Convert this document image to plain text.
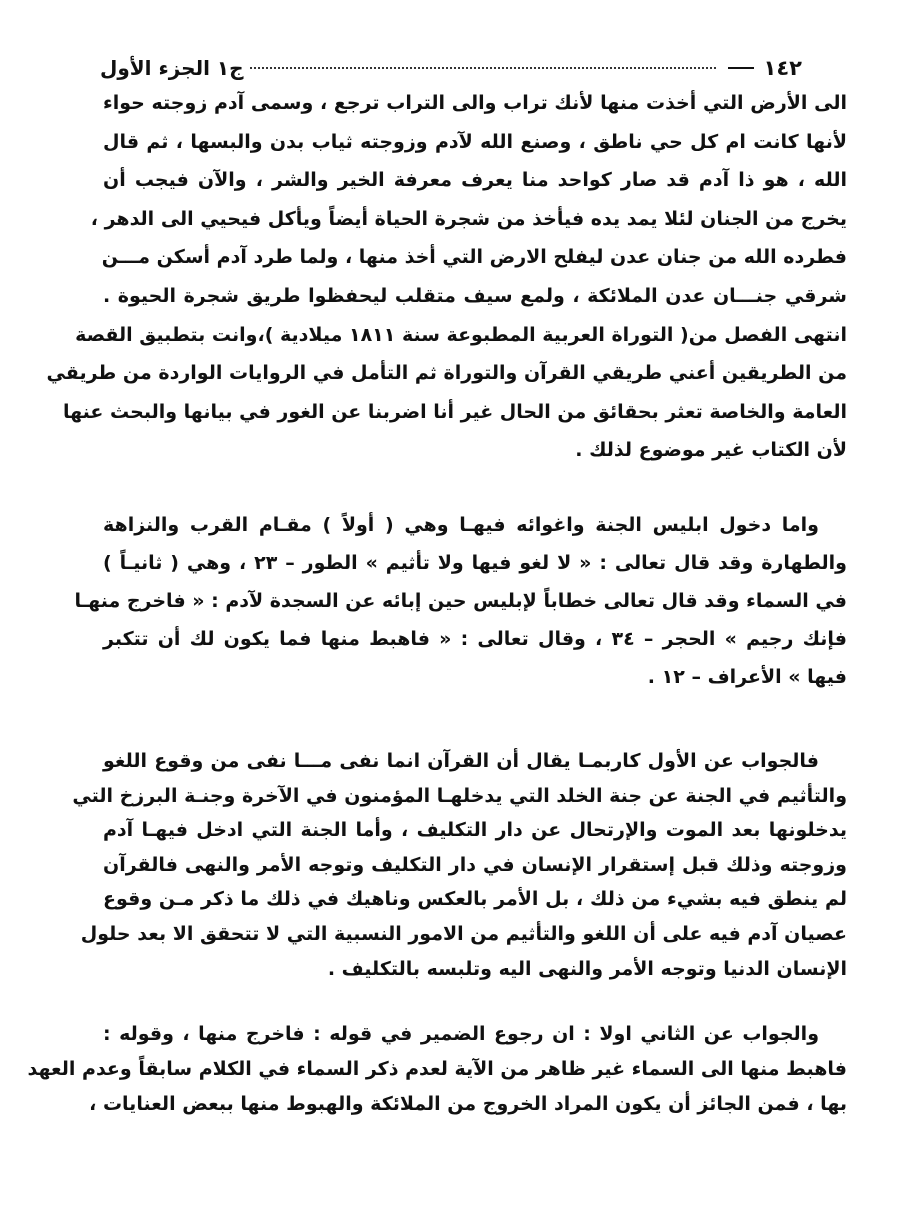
١٤٢
ج١ الجزء الأول
الى الأرض التي أخذت منها لأنك تراب والى التراب ترجع ، وسمى آدم زوجته حواء
لأنها كانت ام كل حي ناطق ، وصنع الله لآدم وزوجته ثياب بدن والبسها ، ثم قال
الله ، هو ذا آدم قد صار كواحد منا يعرف معرفة الخير والشر ، والآن فيجب أن
يخرج من الجنان لئلا يمد يده فيأخذ من شجرة الحياة أيضاً ويأكل فيحيي الى الدهر ،
فطرده الله من جنان عدن ليفلح الارض التي أخذ منها ، ولما طرد آدم أسكن مـــن
شرقي جنـــان عدن الملائكة ، ولمع سيف متقلب ليحفظوا طريق شجرة الحيوة .
انتهى الفصل من( التوراة العربية المطبوعة سنة ١٨١١ ميلادية )،وانت بتطبيق القصة
من الطريقين أعني طريقي القرآن والتوراة ثم التأمل في الروايات الواردة من طريقي
العامة والخاصة تعثر بحقائق من الحال غير أنا اضربنا عن الغور في بيانها والبحث عنها
لأن الكتاب غير موضوع لذلك .
واما دخول ابليس الجنة واغوائه فيهـا وهي ( أولاً ) مقـام القرب والنزاهة
والطهارة وقد قال تعالى : « لا لغو فيها ولا تأثيم » الطور – ٢٣ ، وهي ( ثانيـاً )
في السماء وقد قال تعالى خطاباً لإبليس حين إبائه عن السجدة لآدم : « فاخرج منهـا
فإنك رجيم » الحجر – ٣٤ ، وقال تعالى : « فاهبط منها فما يكون لك أن تتكبر
فيها » الأعراف – ١٢ .
فالجواب عن الأول كاربمـا يقال أن القرآن انما نفى مـــا نفى من وقوع اللغو
والتأثيم في الجنة عن جنة الخلد التي يدخلهـا المؤمنون في الآخرة وجنـة البرزخ التي
يدخلونها بعد الموت والإرتحال عن دار التكليف ، وأما الجنة التي ادخل فيهـا آدم
وزوجته وذلك قبل إستقرار الإنسان في دار التكليف وتوجه الأمر والنهى فالقرآن
لم ينطق فيه بشيء من ذلك ، بل الأمر بالعكس وناهيك في ذلك ما ذكر مـن وقوع
عصيان آدم فيه على أن اللغو والتأثيم من الامور النسبية التي لا تتحقق الا بعد حلول
الإنسان الدنيا وتوجه الأمر والنهى اليه وتلبسه بالتكليف .
والجواب عن الثاني اولا : ان رجوع الضمير في قوله : فاخرج منها ، وقوله :
فاهبط منها الى السماء غير ظاهر من الآية لعدم ذكر السماء في الكلام سابقاً وعدم العهد
بها ، فمن الجائز أن يكون المراد الخروج من الملائكة والهبوط منها ببعض العنايات ،
